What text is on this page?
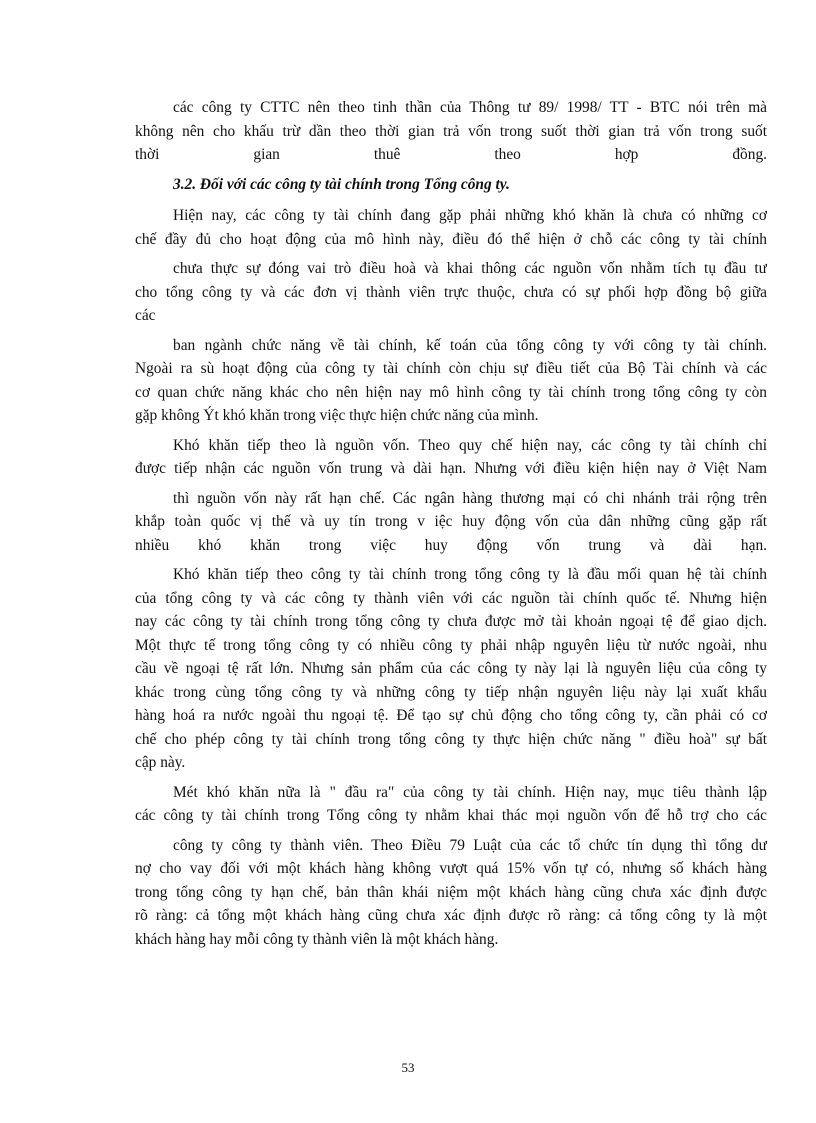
các công ty CTTC nên theo tinh thần của Thông tư 89/ 1998/ TT - BTC nói trên mà
không nên cho khấu trừ dần theo thời gian trả vốn trong suốt thời gian trả vốn trong suốt
thời gian thuê theo hợp đồng.
3.2. Đối với các công ty tài chính trong Tổng công ty.
Hiện nay, các công ty tài chính đang gặp phải những khó khăn là chưa có những cơ
chế đầy đủ cho hoạt động của mô hình này, điều đó thể hiện ở chỗ các công ty tài chính
chưa thực sự đóng vai trò điều hoà và khai thông các nguồn vốn nhằm tích tụ đầu tư
cho tổng công ty và các đơn vị thành viên trực thuộc, chưa có sự phối hợp đồng bộ giữa
các
ban ngành chức năng về tài chính, kế toán của tổng công ty với công ty tài chính.
Ngoài ra sù hoạt động của công ty tài chính còn chịu sự điều tiết của Bộ Tài chính và các
cơ quan chức năng khác cho nên hiện nay mô hình công ty tài chính trong tổng công ty còn
gặp không Ýt khó khăn trong việc thực hiện chức năng của mình.
Khó khăn tiếp theo là nguồn vốn. Theo quy chế hiện nay, các công ty tài chính chỉ
được tiếp nhận các nguồn vốn trung và dài hạn. Nhưng với điều kiện hiện nay ở Việt Nam
thì nguồn vốn này rất hạn chế. Các ngân hàng thương mại có chi nhánh trải rộng trên
khắp toàn quốc vị thế và uy tín trong v iệc huy động vốn của dân những cũng gặp rất
nhiều khó khăn trong việc huy động vốn trung và dài hạn.
Khó khăn tiếp theo công ty tài chính trong tổng công ty là đầu mối quan hệ tài chính
của tổng công ty và các công ty thành viên với các nguồn tài chính quốc tế. Nhưng hiện
nay các công ty tài chính trong tổng công ty chưa được mở tài khoản ngoại tệ để giao dịch.
Một thực tế trong tổng công ty có nhiều công ty phải nhập nguyên liệu từ nước ngoài, nhu
cầu về ngoại tệ rất lớn. Nhưng sản phẩm của các công ty này lại là nguyên liệu của công ty
khác trong cùng tổng công ty và những công ty tiếp nhận nguyên liệu này lại xuất khẩu
hàng hoá ra nước ngoài thu ngoại tệ. Để tạo sự chủ động cho tổng công ty, cần phải có cơ
chế cho phép công ty tài chính trong tổng công ty thực hiện chức năng " điều hoà" sự bất
cập này.
Mét khó khăn nữa là " đầu ra" của công ty tài chính. Hiện nay, mục tiêu thành lập
các công ty tài chính trong Tổng công ty nhằm khai thác mọi nguồn vốn để hỗ trợ cho các
công ty công ty thành viên. Theo Điều 79 Luật của các tổ chức tín dụng thì tổng dư
nợ cho vay đối với một khách hàng không vượt quá 15% vốn tự có, nhưng số khách hàng
trong tổng công ty hạn chế, bản thân khái niệm một khách hàng cũng chưa xác định được
rõ ràng: cả tổng một khách hàng cũng chưa xác định được rõ ràng: cả tổng công ty là một
khách hàng hay mỗi công ty thành viên là một khách hàng.
53
